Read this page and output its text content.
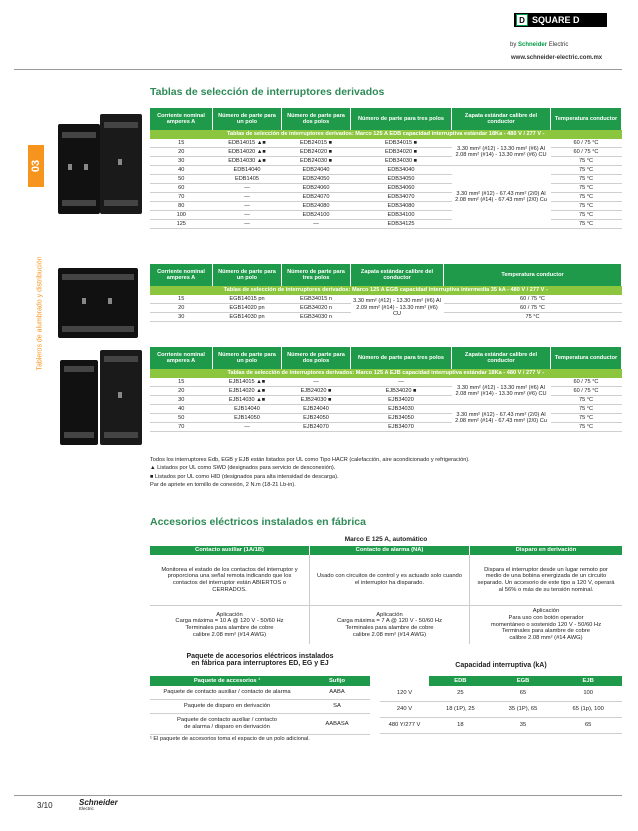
D SQUARE D
by Schneider Electric
www.schneider-electric.com.mx
03
Tableros de alumbrado y distribución
Tablas de selección de interruptores derivados
Corriente nominal amperes A	Número de parte para un polo	Número de parte para dos polos	Número de parte para tres polos	Zapata estándar calibre del conductor	Temperatura conductor
Tablas de selección de interruptores derivados: Marco 125 A EDB capacidad interruptiva estándar 18Ka - 480 V / 277 V -					
15	EDB14015 ▲■	EDB24015 ■	EDB34015 ■	3.30 mm² (#12) - 13.30 mm² (#6) Al 2.08 mm² (#14) - 13.30 mm² (#6) CU	60 / 75 °C
20	EDB14020 ▲■	EDB24020 ■	EDB34020 ■		60 / 75 °C
30	EDB14030 ▲■	EDB24030 ■	EDB34030 ■		75 °C
40	EDB14040	EDB24040	EDB34040	3.30 mm² (#12) - 67.43 mm² (2/0) Al 2.08 mm² (#14) - 67.43 mm² (2/0) Cu	75 °C
50	EDB1405	EDB24050	EDB34050		75 °C
60	—	EDB24060	EDB34060		75 °C
70	—	EDB24070	EDB34070		75 °C
80	—	EDB24080	EDB34080		75 °C
100	—	EDB24100	EDB34100		75 °C
125	—	—	EDB34125		75 °C
Corriente nominal amperes A	Número de parte para un polo	Número de parte para tres polos	Zapata estándar calibre del conductor	Temperatura conductor
Tablas de selección de interruptores derivados: Marco 125 A EGB capacidad interruptiva intermedia 35 kA - 480 V / 277 V -				
15	EGB14015 pn	EGB34015 n	3.30 mm² (#12) - 13.30 mm² (#6) Al 2.09 mm² (#14) - 13.30 mm² (#6) CU	60 / 75 °C
20	EGB14020 pn	EGB34020 n		60 / 75 °C
30	EGB14030 pn	EGB34030 n		75 °C
Corriente nominal amperes A	Número de parte para un polo	Número de parte para dos polos	Número de parte para tres polos	Zapata estándar calibre del conductor	Temperatura conductor
Tablas de selección de interruptores derivados: Marco 125 A EJB capacidad interruptiva estándar 18Ka - 480 V / 277 V -					
15	EJB14015 ▲■	—	—	3.30 mm² (#12) - 13.30 mm² (#6) Al 2.08 mm² (#14) - 13.30 mm² (#6) CU	60 / 75 °C
20	EJB14020 ▲■	EJB24020 ■	EJB34020 ■		60 / 75 °C
30	EJB14030 ▲■	EJB24030 ■	EJB34020		75 °C
40	EJB14040	EJB24040	EJB34030	3.30 mm² (#12) - 67.43 mm² (2/0) Al 2.08 mm² (#14) - 67.43 mm² (2/0) Cu	75 °C
50	EJB14050	EJB24050	EJB34050		75 °C
70	—	EJB24070	EJB34070		75 °C
Todos los interruptores Edb, EGB y EJB están listados por UL como Tipo HACR (calefacción, aire acondicionado y refrigeración).
▲ Listados por UL como SWD (designados para servicio de desconexión).
■ Listados por UL como HID (designados para alta intensidad de descarga).
Par de apriete en tornillo de conexión, 2 N.m (18-21 Lb-in).
Accesorios eléctricos instalados en fábrica
Marco E 125 A, automático
Contacto auxiliar (1A/1B)	Contacto de alarma (NA)	Disparo en derivación
Monitorea el estado de los contactos del interruptor y proporciona una señal remota indicando que los contactos del interruptor están ABIERTOS o CERRADOS.	Usado con circuitos de control y es actuado solo cuando el interruptor ha disparado.	Dispara el interruptor desde un lugar remoto por medio de una bobina energizada de un circuito separado. Un accesorio de este tipo a 120 V, operará al 56% o más de su tensión nominal.
Aplicación
Carga máxima = 10 A @ 120 V - 50/60 Hz
Terminales para alambre de cobre
calibre 2.08 mm² (#14 AWG)	Aplicación
Carga máxima = 7 A @ 120 V - 50/60 Hz
Terminales para alambre de cobre
calibre 2.08 mm² (#14 AWG)	Aplicación
Para uso con botón operador
momentáneo o sostenido 120 V - 50/60 Hz
Terminales para alambre de cobre
calibre 2.08 mm² (#14 AWG)
Paquete de accesorios eléctricos instalados
en fábrica para interruptores ED, EG y EJ
Paquete de accesorios ¹	Sufijo
Paquete de contacto auxiliar / contacto de alarma	AABA
Paquete de disparo en derivación	SA
Paquete de contacto auxiliar / contacto
de alarma / disparo en derivación	AABASA
¹ El paquete de accesorios toma el espacio de un polo adicional.
Capacidad interruptiva (kA)
	EDB	EGB	EJB
120 V	25	65	100
240 V	18 (1P), 25	35 (1P), 65	65 (1p), 100
480 Y/277 V	18	35	65
3/10	Schneider
Electric
